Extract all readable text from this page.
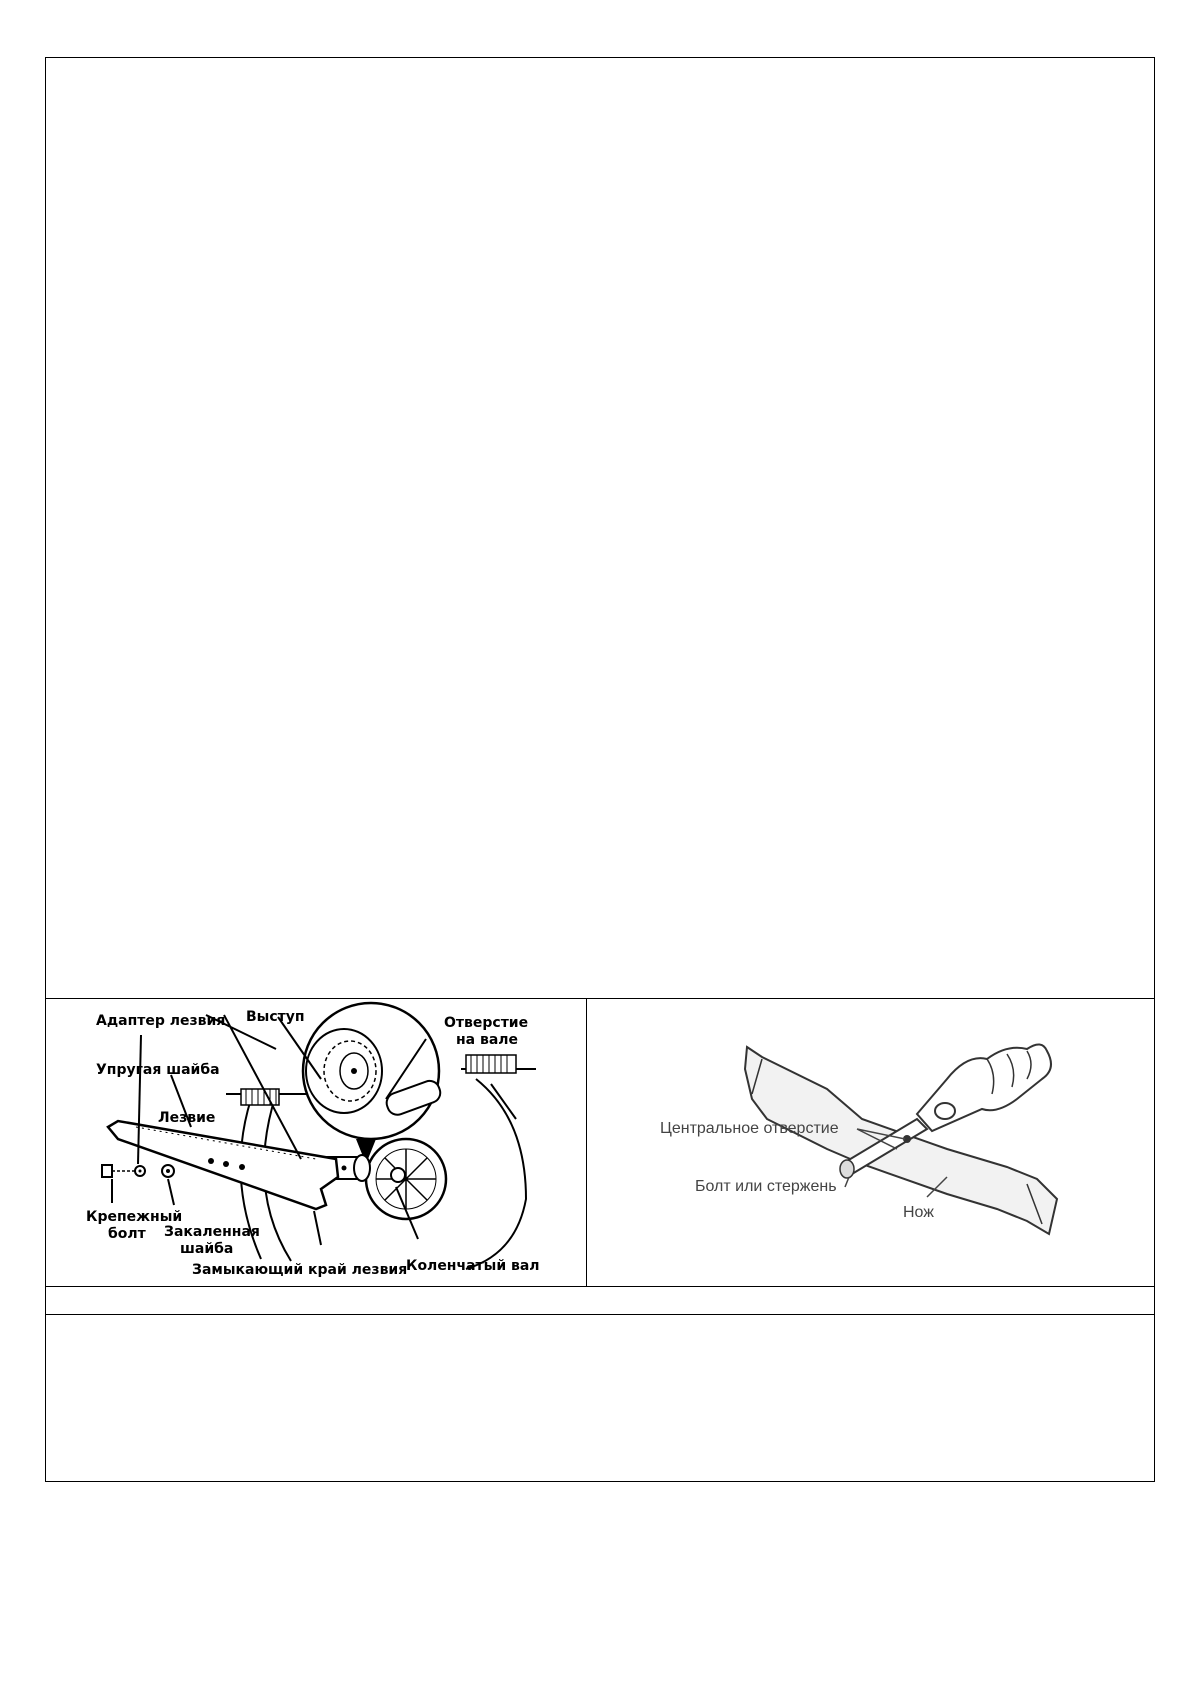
Адаптер лезвия Выступ	Отверстие
на вале
Упругая шайба
Лезвие
Крепежный
болт Закаленная
шайба
Замыкающий край лезвия
Коленчатый вал
Центральное отверстие
Болт или стержень
Нож
